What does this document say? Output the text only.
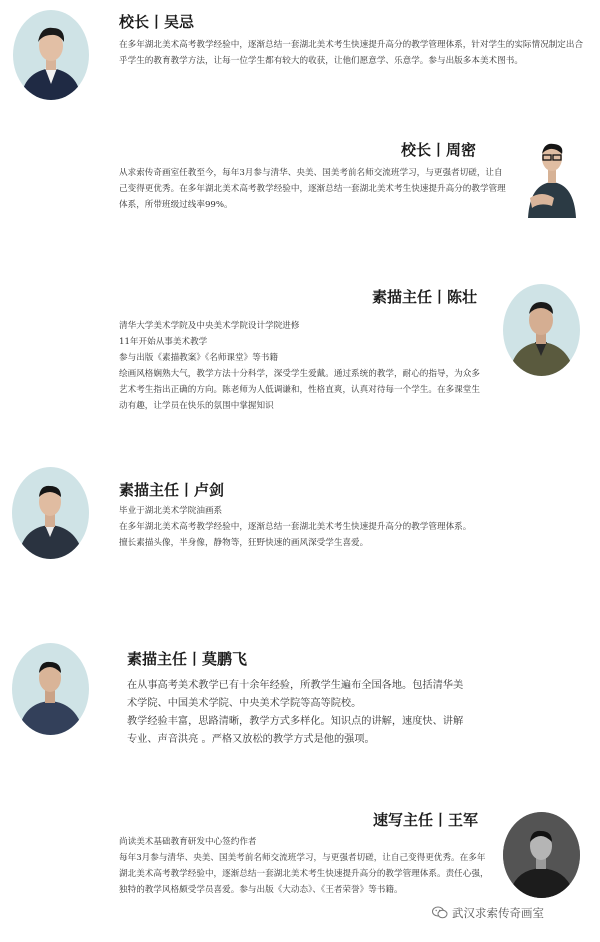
校长丨吴忌

在多年湖北美术高考教学经验中，逐渐总结一套湖北美术考生快速提升高分的教学管理体系，针对学生的实际情况制定出合乎学生的教育教学方法，让每一位学生都有较大的收获，让他们愿意学、乐意学。参与出版多本美术图书。

校长丨周密

从求索传奇画室任教至今，每年3月参与清华、央美、国美考前名师交流班学习，与更强者切磋，让自己变得更优秀。在多年湖北美术高考教学经验中，逐渐总结一套湖北美术考生快速提升高分的教学管理体系，所带班级过线率99%。

素描主任丨陈壮

清华大学美术学院及中央美术学院设计学院进修

11年开始从事美术教学

参与出版《素描教案》《名师课堂》等书籍

绘画风格娴熟大气，教学方法十分科学，深受学生爱戴。通过系统的教学，耐心的指导，为众多艺术考生指出正确的方向。陈老师为人低调谦和，性格直爽，认真对待每一个学生。在多课堂生动有趣，让学员在快乐的氛围中掌握知识

素描主任丨卢剑

毕业于湖北美术学院油画系

在多年湖北美术高考教学经验中，逐渐总结一套湖北美术考生快速提升高分的教学管理体系。

擅长素描头像，半身像，静物等，狂野快速的画风深受学生喜爱。

素描主任丨莫鹏飞

在从事高考美术教学已有十余年经验，所教学生遍布全国各地。包括清华美术学院、中国美术学院、中央美术学院等高等院校。

教学经验丰富，思路清晰，教学方式多样化。知识点的讲解，速度快、讲解专业、声音洪亮 。严格又放松的教学方式是他的强项。

速写主任丨王军

尚读美术基础教育研发中心签约作者

每年3月参与清华、央美、国美考前名师交流班学习，与更强者切磋，让自己变得更优秀。在多年湖北美术高考教学经验中，逐渐总结一套湖北美术考生快速提升高分的教学管理体系。责任心强，独特的教学风格颇受学员喜爱。参与出版《大动态》、《王者荣誉》等书籍。

武汉求索传奇画室
